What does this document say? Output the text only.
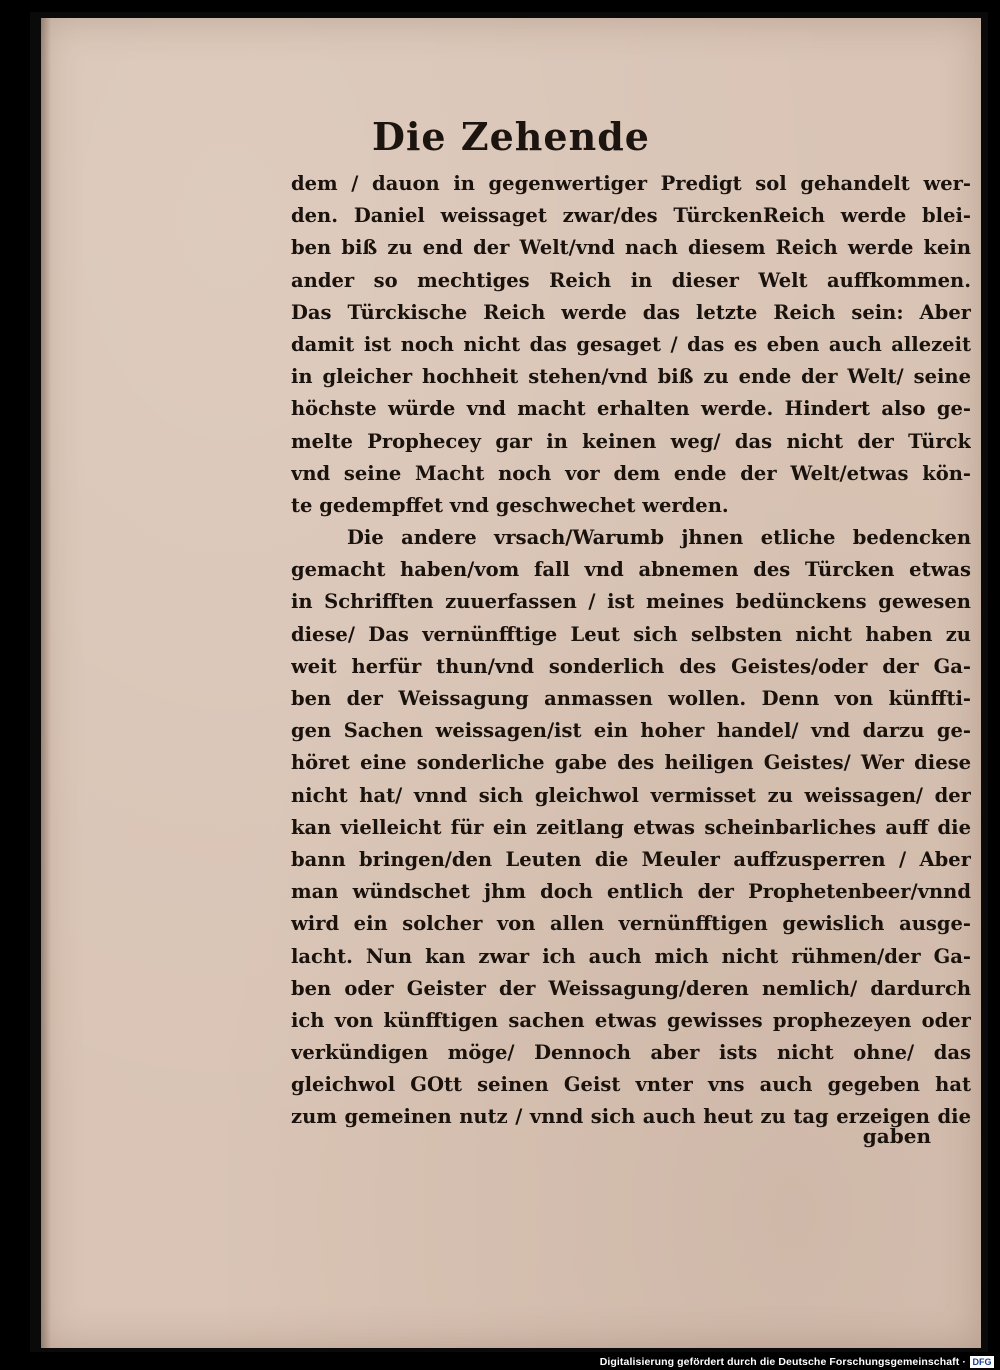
Die Zehende
dem / dauon in gegenwertiger Predigt sol gehandelt wer-
den. Daniel weissaget zwar/des TürckenReich werde blei-
ben biß zu end der Welt/vnd nach diesem Reich werde kein
ander so mechtiges Reich in dieser Welt auffkommen.
Das Türckische Reich werde das letzte Reich sein: Aber
damit ist noch nicht das gesaget / das es eben auch allezeit
in gleicher hochheit stehen/vnd biß zu ende der Welt/ seine
höchste würde vnd macht erhalten werde. Hindert also ge-
melte Prophecey gar in keinen weg/ das nicht der Türck
vnd seine Macht noch vor dem ende der Welt/etwas kön-
te gedempffet vnd geschwechet werden.
Die andere vrsach/Warumb jhnen etliche bedencken
gemacht haben/vom fall vnd abnemen des Türcken etwas
in Schrifften zuuerfassen / ist meines bedünckens gewesen
diese/ Das vernünfftige Leut sich selbsten nicht haben zu
weit herfür thun/vnd sonderlich des Geistes/oder der Ga-
ben der Weissagung anmassen wollen. Denn von künffti-
gen Sachen weissagen/ist ein hoher handel/ vnd darzu ge-
höret eine sonderliche gabe des heiligen Geistes/ Wer diese
nicht hat/ vnnd sich gleichwol vermisset zu weissagen/ der
kan vielleicht für ein zeitlang etwas scheinbarliches auff die
bann bringen/den Leuten die Meuler auffzusperren / Aber
man wündschet jhm doch entlich der Prophetenbeer/vnnd
wird ein solcher von allen vernünfftigen gewislich ausge-
lacht. Nun kan zwar ich auch mich nicht rühmen/der Ga-
ben oder Geister der Weissagung/deren nemlich/ dardurch
ich von künfftigen sachen etwas gewisses prophezeyen oder
verkündigen möge/ Dennoch aber ists nicht ohne/ das
gleichwol GOtt seinen Geist vnter vns auch gegeben hat
zum gemeinen nutz / vnnd sich auch heut zu tag erzeigen die
gaben
Digitalisierung gefördert durch die Deutsche Forschungsgemeinschaft · DFG
